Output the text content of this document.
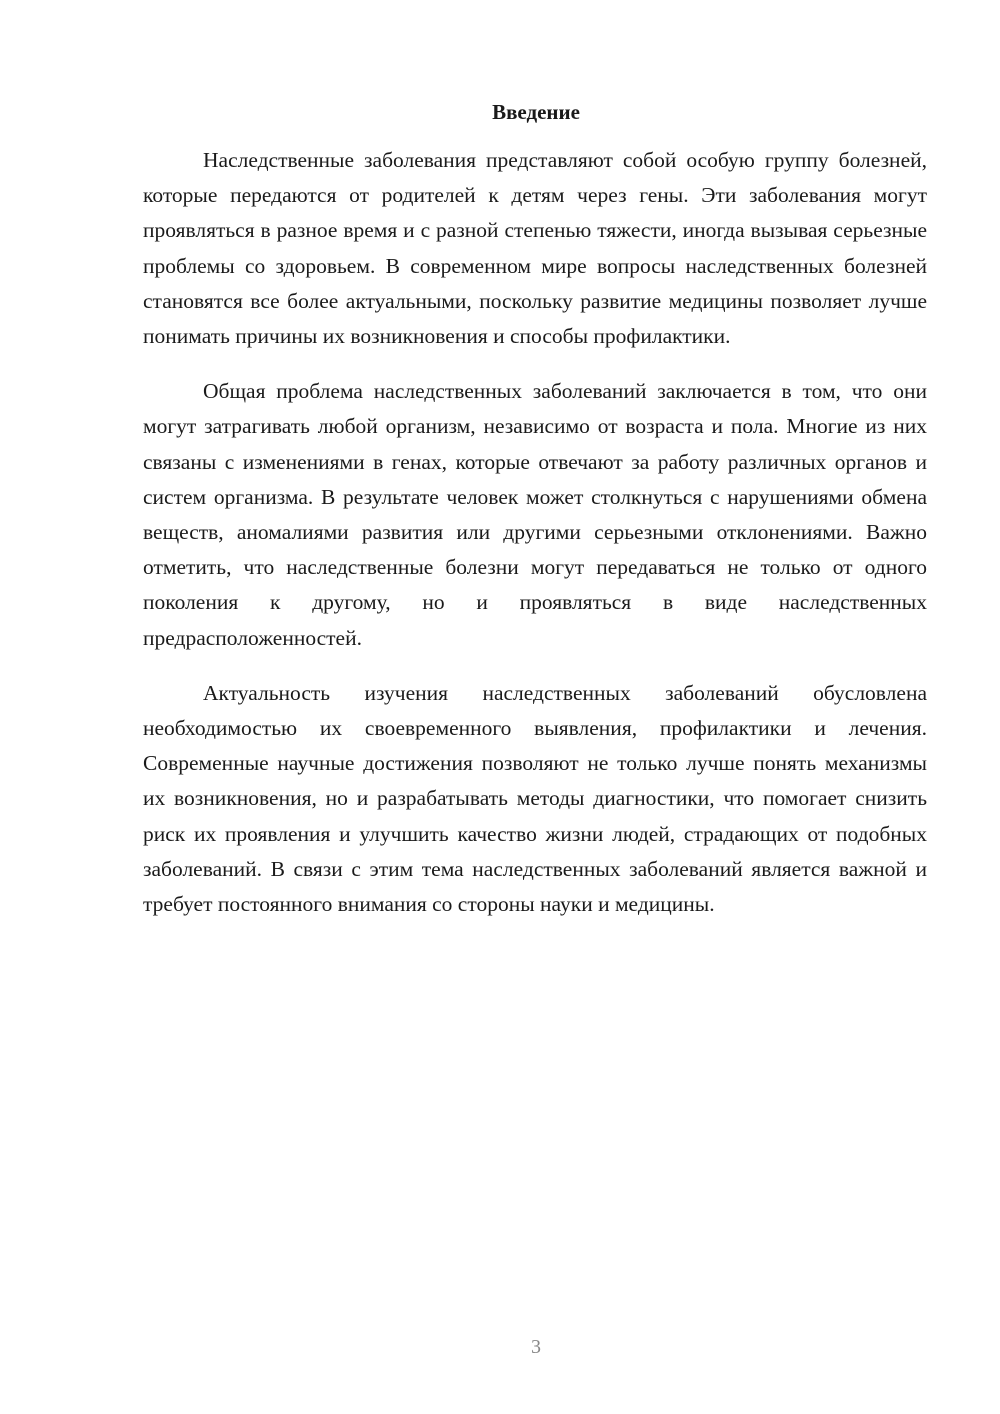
Введение

Наследственные заболевания представляют собой особую группу болезней, которые передаются от родителей к детям через гены. Эти заболевания могут проявляться в разное время и с разной степенью тяжести, иногда вызывая серьезные проблемы со здоровьем. В современном мире вопросы наследственных болезней становятся все более актуальными, поскольку развитие медицины позволяет лучше понимать причины их возникновения и способы профилактики.

Общая проблема наследственных заболеваний заключается в том, что они могут затрагивать любой организм, независимо от возраста и пола. Многие из них связаны с изменениями в генах, которые отвечают за работу различных органов и систем организма. В результате человек может столкнуться с нарушениями обмена веществ, аномалиями развития или другими серьезными отклонениями. Важно отметить, что наследственные болезни могут передаваться не только от одного поколения к другому, но и проявляться в виде наследственных предрасположенностей.

Актуальность изучения наследственных заболеваний обусловлена необходимостью их своевременного выявления, профилактики и лечения. Современные научные достижения позволяют не только лучше понять механизмы их возникновения, но и разрабатывать методы диагностики, что помогает снизить риск их проявления и улучшить качество жизни людей, страдающих от подобных заболеваний. В связи с этим тема наследственных заболеваний является важной и требует постоянного внимания со стороны науки и медицины.

3
